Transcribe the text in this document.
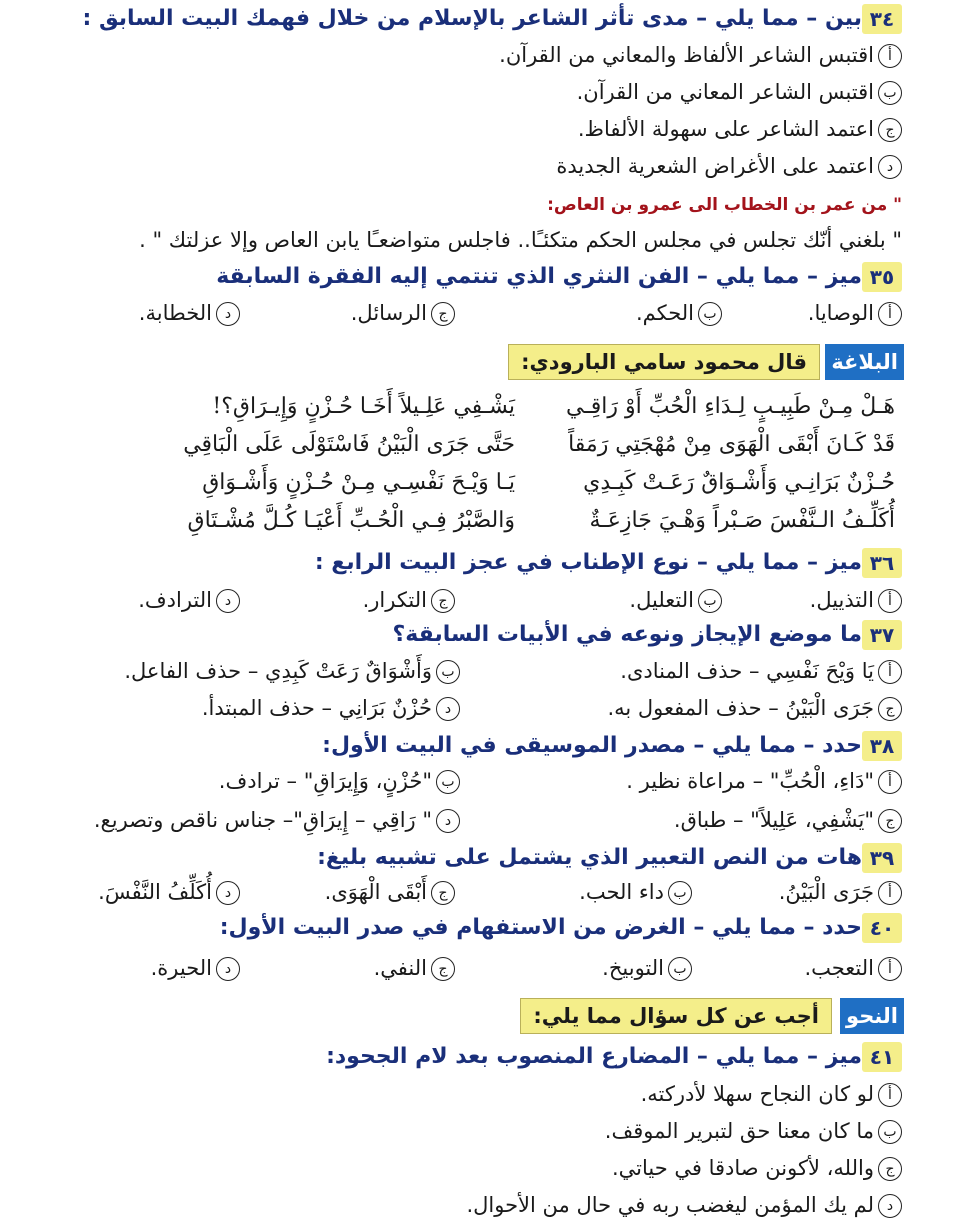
٣٤
بين – مما يلي – مدى تأثر الشاعر بالإسلام من خلال فهمك البيت السابق :
أاقتبس الشاعر الألفاظ والمعاني من القرآن.
باقتبس الشاعر المعاني من القرآن.
جاعتمد الشاعر على سهولة الألفاظ.
داعتمد على الأغراض الشعرية الجديدة
" من عمر بن الخطاب الى عمرو بن العاص:
" بلغني أنّك تجلس في مجلس الحكم متكئـًا.. فاجلس متواضعـًا يابن العاص وإلا عزلتك " .
٣٥
ميز – مما يلي – الفن النثري الذي تنتمي إليه الفقرة السابقة
أالوصايا.
بالحكم.
جالرسائل.
دالخطابة.
البلاغة
قال محمود سامي البارودي:
هَـلْ مِـنْ طَبِيـبٍ لِـدَاءِ الْحُبِّ أَوْ رَاقِـي
يَشْـفِي عَلِـيلاً أَخَـا حُـزْنٍ وَإِيـرَاقِ؟!
قَدْ كَـانَ أَبْقَى الْهَوَى مِنْ مُهْجَتِي رَمَقاً
حَتَّى جَرَى الْبَيْنُ فَاسْتَوْلَى عَلَى الْبَاقِي
حُـزْنٌ بَرَانِـي وَأَشْـوَاقٌ رَعَـتْ كَبِـدِي
يَـا وَيْـحَ نَفْسِـي مِـنْ حُـزْنٍ وَأَشْـوَاقِ
أُكَلِّـفُ الـنَّفْسَ صَـبْراً وَهْـيَ جَازِعَـةٌ
وَالصَّبْرُ فِـي الْحُـبِّ أَعْيَـا كُـلَّ مُشْـتَاقِ
٣٦
ميز – مما يلي – نوع الإطناب في عجز البيت الرابع :
أالتذييل.
بالتعليل.
جالتكرار.
دالترادف.
٣٧
ما موضع الإيجاز ونوعه في الأبيات السابقة؟
أيَا وَيْحَ نَفْسِي – حذف المنادى.
بوَأَشْوَاقٌ رَعَتْ كَبِدِي – حذف الفاعل.
ججَرَى الْبَيْنُ – حذف المفعول به.
دحُزْنٌ بَرَانِي – حذف المبتدأ.
٣٨
حدد – مما يلي – مصدر الموسيقى في البيت الأول:
أ"دَاءِ، الْحُبِّ" – مراعاة نظير .
ب"حُزْنٍ، وَإِيرَاقِ" – ترادف.
ج"يَشْفِي، عَلِيلاً" – طباق.
د" رَاقِي – إِيرَاقِ"– جناس ناقص وتصريع.
٣٩
هات من النص التعبير الذي يشتمل على تشبيه بليغ:
أجَرَى الْبَيْنُ.
بداء الحب.
جأَبْقَى الْهَوَى.
دأُكَلِّفُ النَّفْسَ.
٤٠
حدد – مما يلي – الغرض من الاستفهام في صدر البيت الأول:
أالتعجب.
بالتوبيخ.
جالنفي.
دالحيرة.
النحو
أجب عن كل سؤال مما يلي:
٤١
ميز – مما يلي – المضارع المنصوب بعد لام الجحود:
ألو كان النجاح سهلا لأدركته.
بما كان معنا حق لتبرير الموقف.
جوالله، لأكونن صادقا في حياتي.
دلم يك المؤمن ليغضب ربه في حال من الأحوال.
